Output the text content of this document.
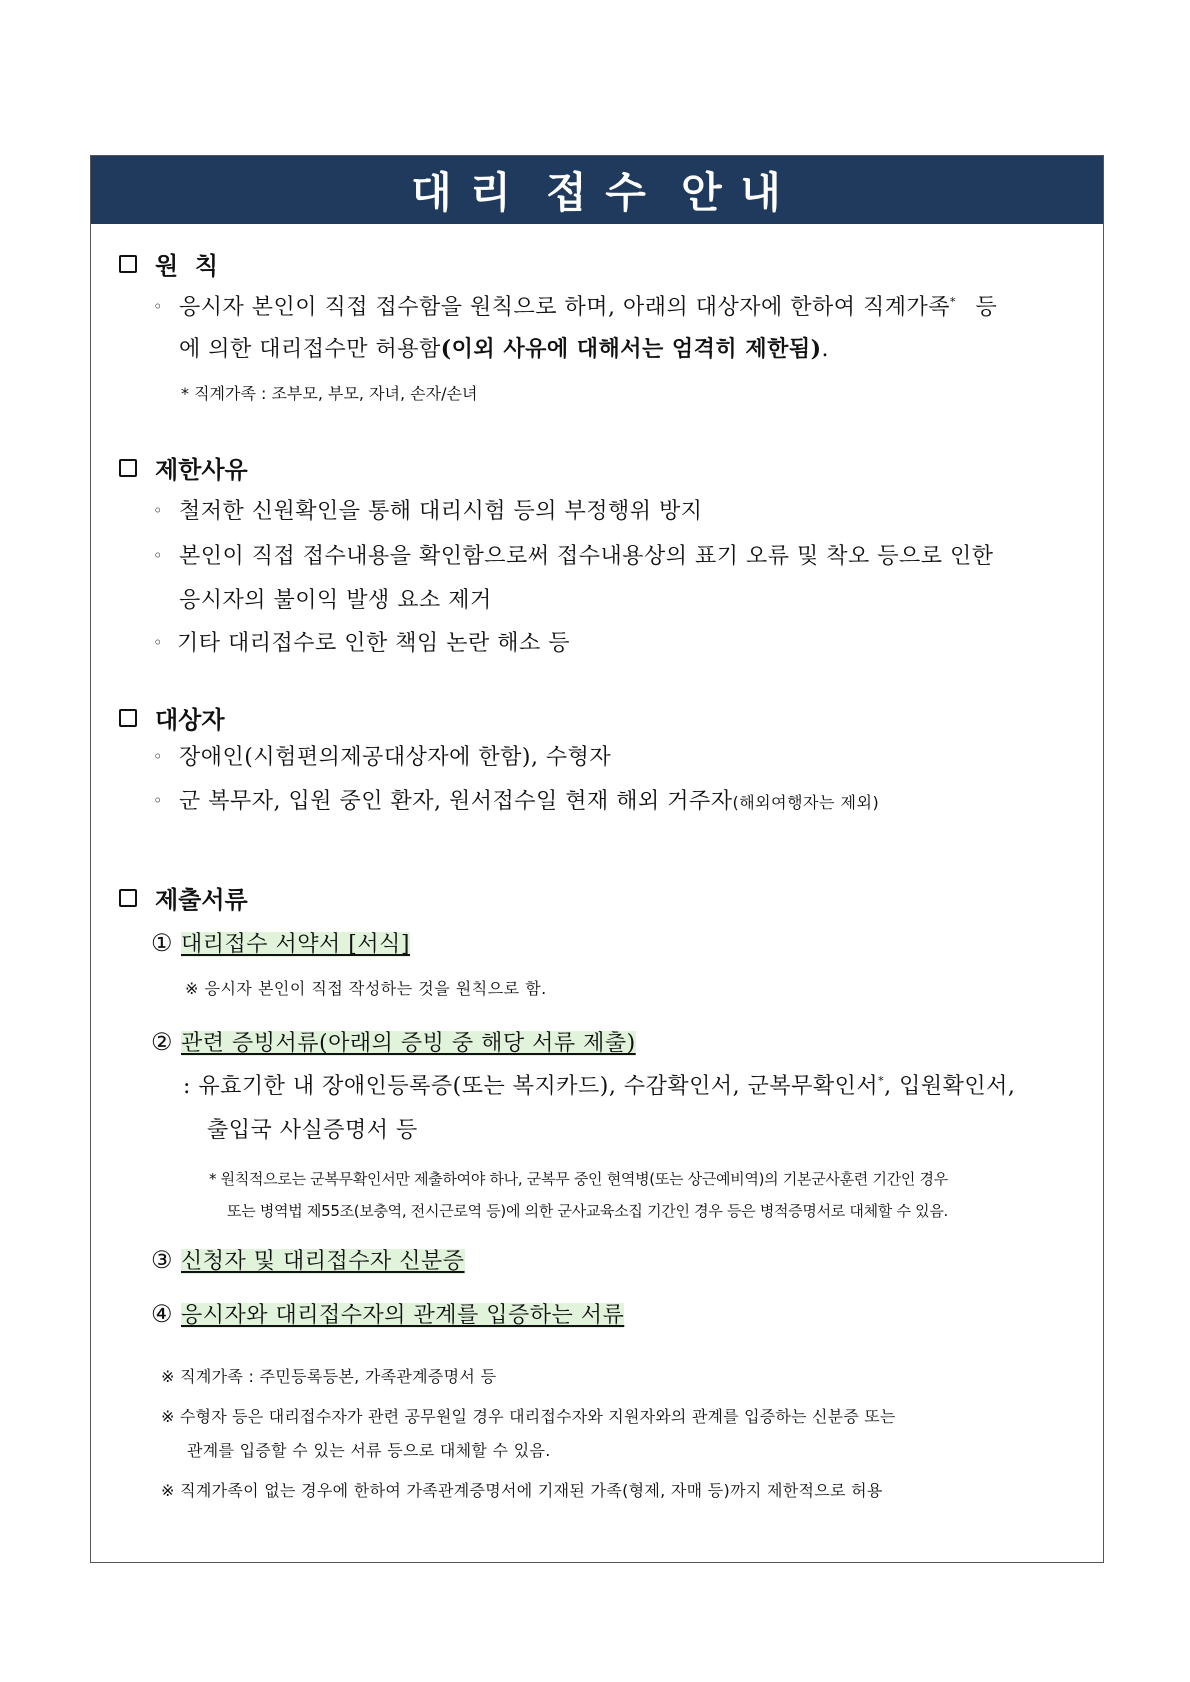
대 리  접 수  안 내
원  칙
◦ 응시자 본인이 직접 접수함을 원칙으로 하며, 아래의 대상자에 한하여 직계가족* 등
에 의한 대리접수만 허용함(이외 사유에 대해서는 엄격히 제한됨).
* 직계가족 : 조부모, 부모, 자녀, 손자/손녀
제한사유
◦ 철저한 신원확인을 통해 대리시험 등의 부정행위 방지
◦ 본인이 직접 접수내용을 확인함으로써 접수내용상의 표기 오류 및 착오 등으로 인한
응시자의 불이익 발생 요소 제거
◦ 기타 대리접수로 인한 책임 논란 해소 등
대상자
◦ 장애인(시험편의제공대상자에 한함), 수형자
◦ 군 복무자, 입원 중인 환자, 원서접수일 현재 해외 거주자(해외여행자는 제외)
제출서류
① 대리접수 서약서 [서식]
※ 응시자 본인이 직접 작성하는 것을 원칙으로 함.
② 관련 증빙서류(아래의 증빙 중 해당 서류 제출)
: 유효기한 내 장애인등록증(또는 복지카드), 수감확인서, 군복무확인서*, 입원확인서,
출입국 사실증명서 등
* 원칙적으로는 군복무확인서만 제출하여야 하나, 군복무 중인 현역병(또는 상근예비역)의 기본군사훈련 기간인 경우
또는 병역법 제55조(보충역, 전시근로역 등)에 의한 군사교육소집 기간인 경우 등은 병적증명서로 대체할 수 있음.
③ 신청자 및 대리접수자 신분증
④ 응시자와 대리접수자의 관계를 입증하는 서류
※ 직계가족 : 주민등록등본, 가족관계증명서 등
※ 수형자 등은 대리접수자가 관련 공무원일 경우 대리접수자와 지원자와의 관계를 입증하는 신분증 또는
관계를 입증할 수 있는 서류 등으로 대체할 수 있음.
※ 직계가족이 없는 경우에 한하여 가족관계증명서에 기재된 가족(형제, 자매 등)까지 제한적으로 허용
